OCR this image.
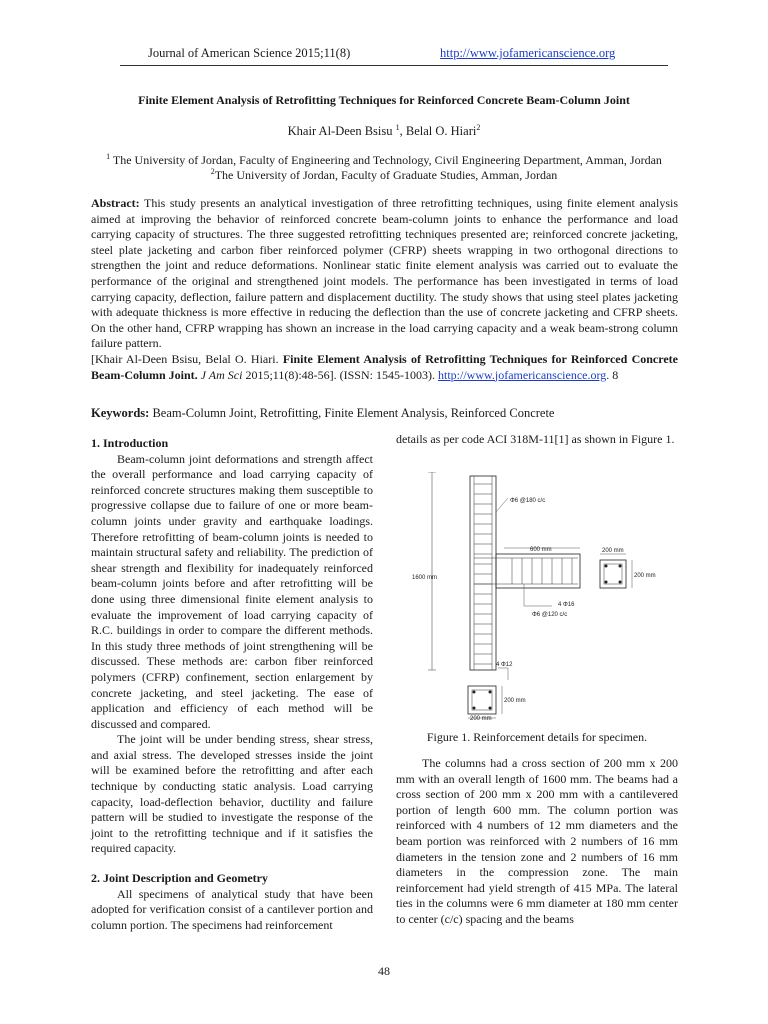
Journal of American Science 2015;11(8)	http://www.jofamericanscience.org
Finite Element Analysis of Retrofitting Techniques for Reinforced Concrete Beam-Column Joint
Khair Al-Deen Bsisu $^1$, Belal O. Hiari$^2$
$^1$ The University of Jordan, Faculty of Engineering and Technology, Civil Engineering Department, Amman, Jordan
$^2$The University of Jordan, Faculty of Graduate Studies, Amman, Jordan

Abstract: This study presents an analytical investigation of three retrofitting techniques, using finite element analysis aimed at improving the behavior of reinforced concrete beam-column joints to enhance the performance and load carrying capacity of structures. The three suggested retrofitting techniques presented are; reinforced concrete jacketing, steel plate jacketing and carbon fiber reinforced polymer (CFRP) sheets wrapping in two orthogonal directions to strengthen the joint and reduce deformations. Nonlinear static finite element analysis was carried out to evaluate the performance of the original and strengthened joint models. The performance has been investigated in terms of load carrying capacity, deflection, failure pattern and displacement ductility. The study shows that using steel plates jacketing with adequate thickness is more effective in reducing the deflection than the use of concrete jacketing and CFRP sheets. On the other hand, CFRP wrapping has shown an increase in the load carrying capacity and a weak beam-strong column failure pattern.

[Khair Al-Deen Bsisu, Belal O. Hiari. Finite Element Analysis of Retrofitting Techniques for Reinforced Concrete Beam-Column Joint. J Am Sci 2015;11(8):48-56]. (ISSN: 1545-1003). http://www.jofamericanscience.org. 8

Keywords: Beam-Column Joint, Retrofitting, Finite Element Analysis, Reinforced Concrete
1. Introduction

Beam-column joint deformations and strength affect the overall performance and load carrying capacity of reinforced concrete structures making them susceptible to progressive collapse due to failure of one or more beam-column joints under gravity and earthquake loadings. Therefore retrofitting of beam-column joints is needed to maintain structural safety and reliability. The prediction of shear strength and flexibility for inadequately reinforced beam-column joints before and after retrofitting will be done using three dimensional finite element analysis to evaluate the improvement of load carrying capacity of R.C. buildings in order to compare the different methods. In this study three methods of joint strengthening will be discussed. These methods are: carbon fiber reinforced polymers (CFRP) confinement, section enlargement by concrete jacketing, and steel jacketing. The ease of application and efficiency of each method will be discussed and compared.

The joint will be under bending stress, shear stress, and axial stress. The developed stresses inside the joint will be examined before the retrofitting and after each technique by conducting static analysis. Load carrying capacity, load-deflection behavior, ductility and failure pattern will be studied to investigate the response of the joint to the retrofitting technique and if it satisfies the required capacity.

2. Joint Description and Geometry

All specimens of analytical study that have been adopted for verification consist of a cantilever portion and column portion. The specimens had reinforcement

details as per code ACI 318M-11[1] as shown in Figure 1.
1600 mm
600 mm
Φ6 @180 c/c
4 Φ16
Φ6 @120 c/c
200 mm
200 mm
4 Φ12
200 mm
200 mm
Figure 1. Reinforcement details for specimen.

The columns had a cross section of 200 mm x 200 mm with an overall length of 1600 mm. The beams had a cross section of 200 mm x 200 mm with a cantilevered portion of length 600 mm. The column portion was reinforced with 4 numbers of 12 mm diameters and the beam portion was reinforced with 2 numbers of 16 mm diameters in the tension zone and 2 numbers of 16 mm diameters in the compression zone. The main reinforcement had yield strength of 415 MPa. The lateral ties in the columns were 6 mm diameter at 180 mm center to center (c/c) spacing and the beams

48
